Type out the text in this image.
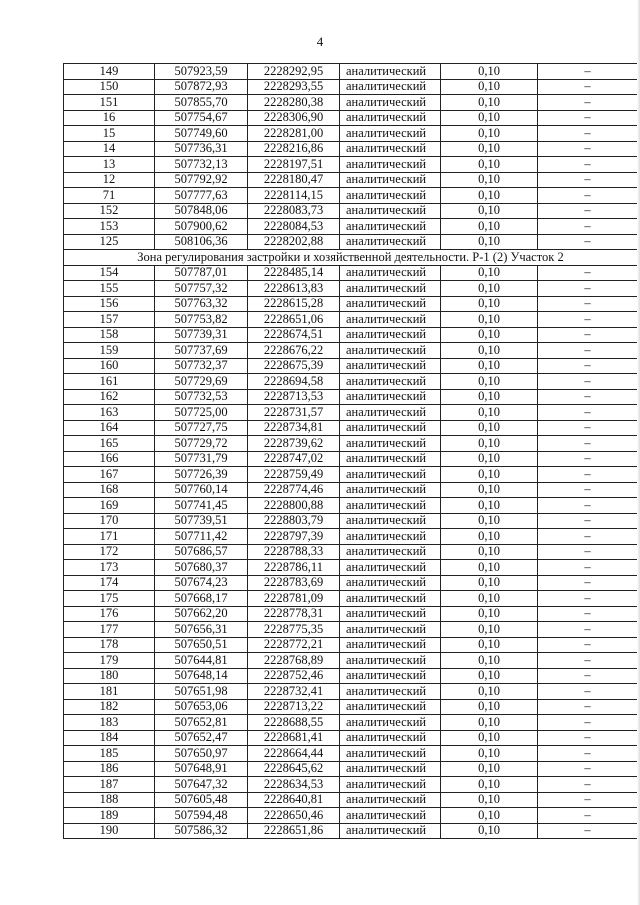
4
149	507923,59	2228292,95	аналитический	0,10	–
150	507872,93	2228293,55	аналитический	0,10	–
151	507855,70	2228280,38	аналитический	0,10	–
16	507754,67	2228306,90	аналитический	0,10	–
15	507749,60	2228281,00	аналитический	0,10	–
14	507736,31	2228216,86	аналитический	0,10	–
13	507732,13	2228197,51	аналитический	0,10	–
12	507792,92	2228180,47	аналитический	0,10	–
71	507777,63	2228114,15	аналитический	0,10	–
152	507848,06	2228083,73	аналитический	0,10	–
153	507900,62	2228084,53	аналитический	0,10	–
125	508106,36	2228202,88	аналитический	0,10	–
Зона регулирования застройки и хозяйственной деятельности. Р-1 (2) Участок 2					
154	507787,01	2228485,14	аналитический	0,10	–
155	507757,32	2228613,83	аналитический	0,10	–
156	507763,32	2228615,28	аналитический	0,10	–
157	507753,82	2228651,06	аналитический	0,10	–
158	507739,31	2228674,51	аналитический	0,10	–
159	507737,69	2228676,22	аналитический	0,10	–
160	507732,37	2228675,39	аналитический	0,10	–
161	507729,69	2228694,58	аналитический	0,10	–
162	507732,53	2228713,53	аналитический	0,10	–
163	507725,00	2228731,57	аналитический	0,10	–
164	507727,75	2228734,81	аналитический	0,10	–
165	507729,72	2228739,62	аналитический	0,10	–
166	507731,79	2228747,02	аналитический	0,10	–
167	507726,39	2228759,49	аналитический	0,10	–
168	507760,14	2228774,46	аналитический	0,10	–
169	507741,45	2228800,88	аналитический	0,10	–
170	507739,51	2228803,79	аналитический	0,10	–
171	507711,42	2228797,39	аналитический	0,10	–
172	507686,57	2228788,33	аналитический	0,10	–
173	507680,37	2228786,11	аналитический	0,10	–
174	507674,23	2228783,69	аналитический	0,10	–
175	507668,17	2228781,09	аналитический	0,10	–
176	507662,20	2228778,31	аналитический	0,10	–
177	507656,31	2228775,35	аналитический	0,10	–
178	507650,51	2228772,21	аналитический	0,10	–
179	507644,81	2228768,89	аналитический	0,10	–
180	507648,14	2228752,46	аналитический	0,10	–
181	507651,98	2228732,41	аналитический	0,10	–
182	507653,06	2228713,22	аналитический	0,10	–
183	507652,81	2228688,55	аналитический	0,10	–
184	507652,47	2228681,41	аналитический	0,10	–
185	507650,97	2228664,44	аналитический	0,10	–
186	507648,91	2228645,62	аналитический	0,10	–
187	507647,32	2228634,53	аналитический	0,10	–
188	507605,48	2228640,81	аналитический	0,10	–
189	507594,48	2228650,46	аналитический	0,10	–
190	507586,32	2228651,86	аналитический	0,10	–
